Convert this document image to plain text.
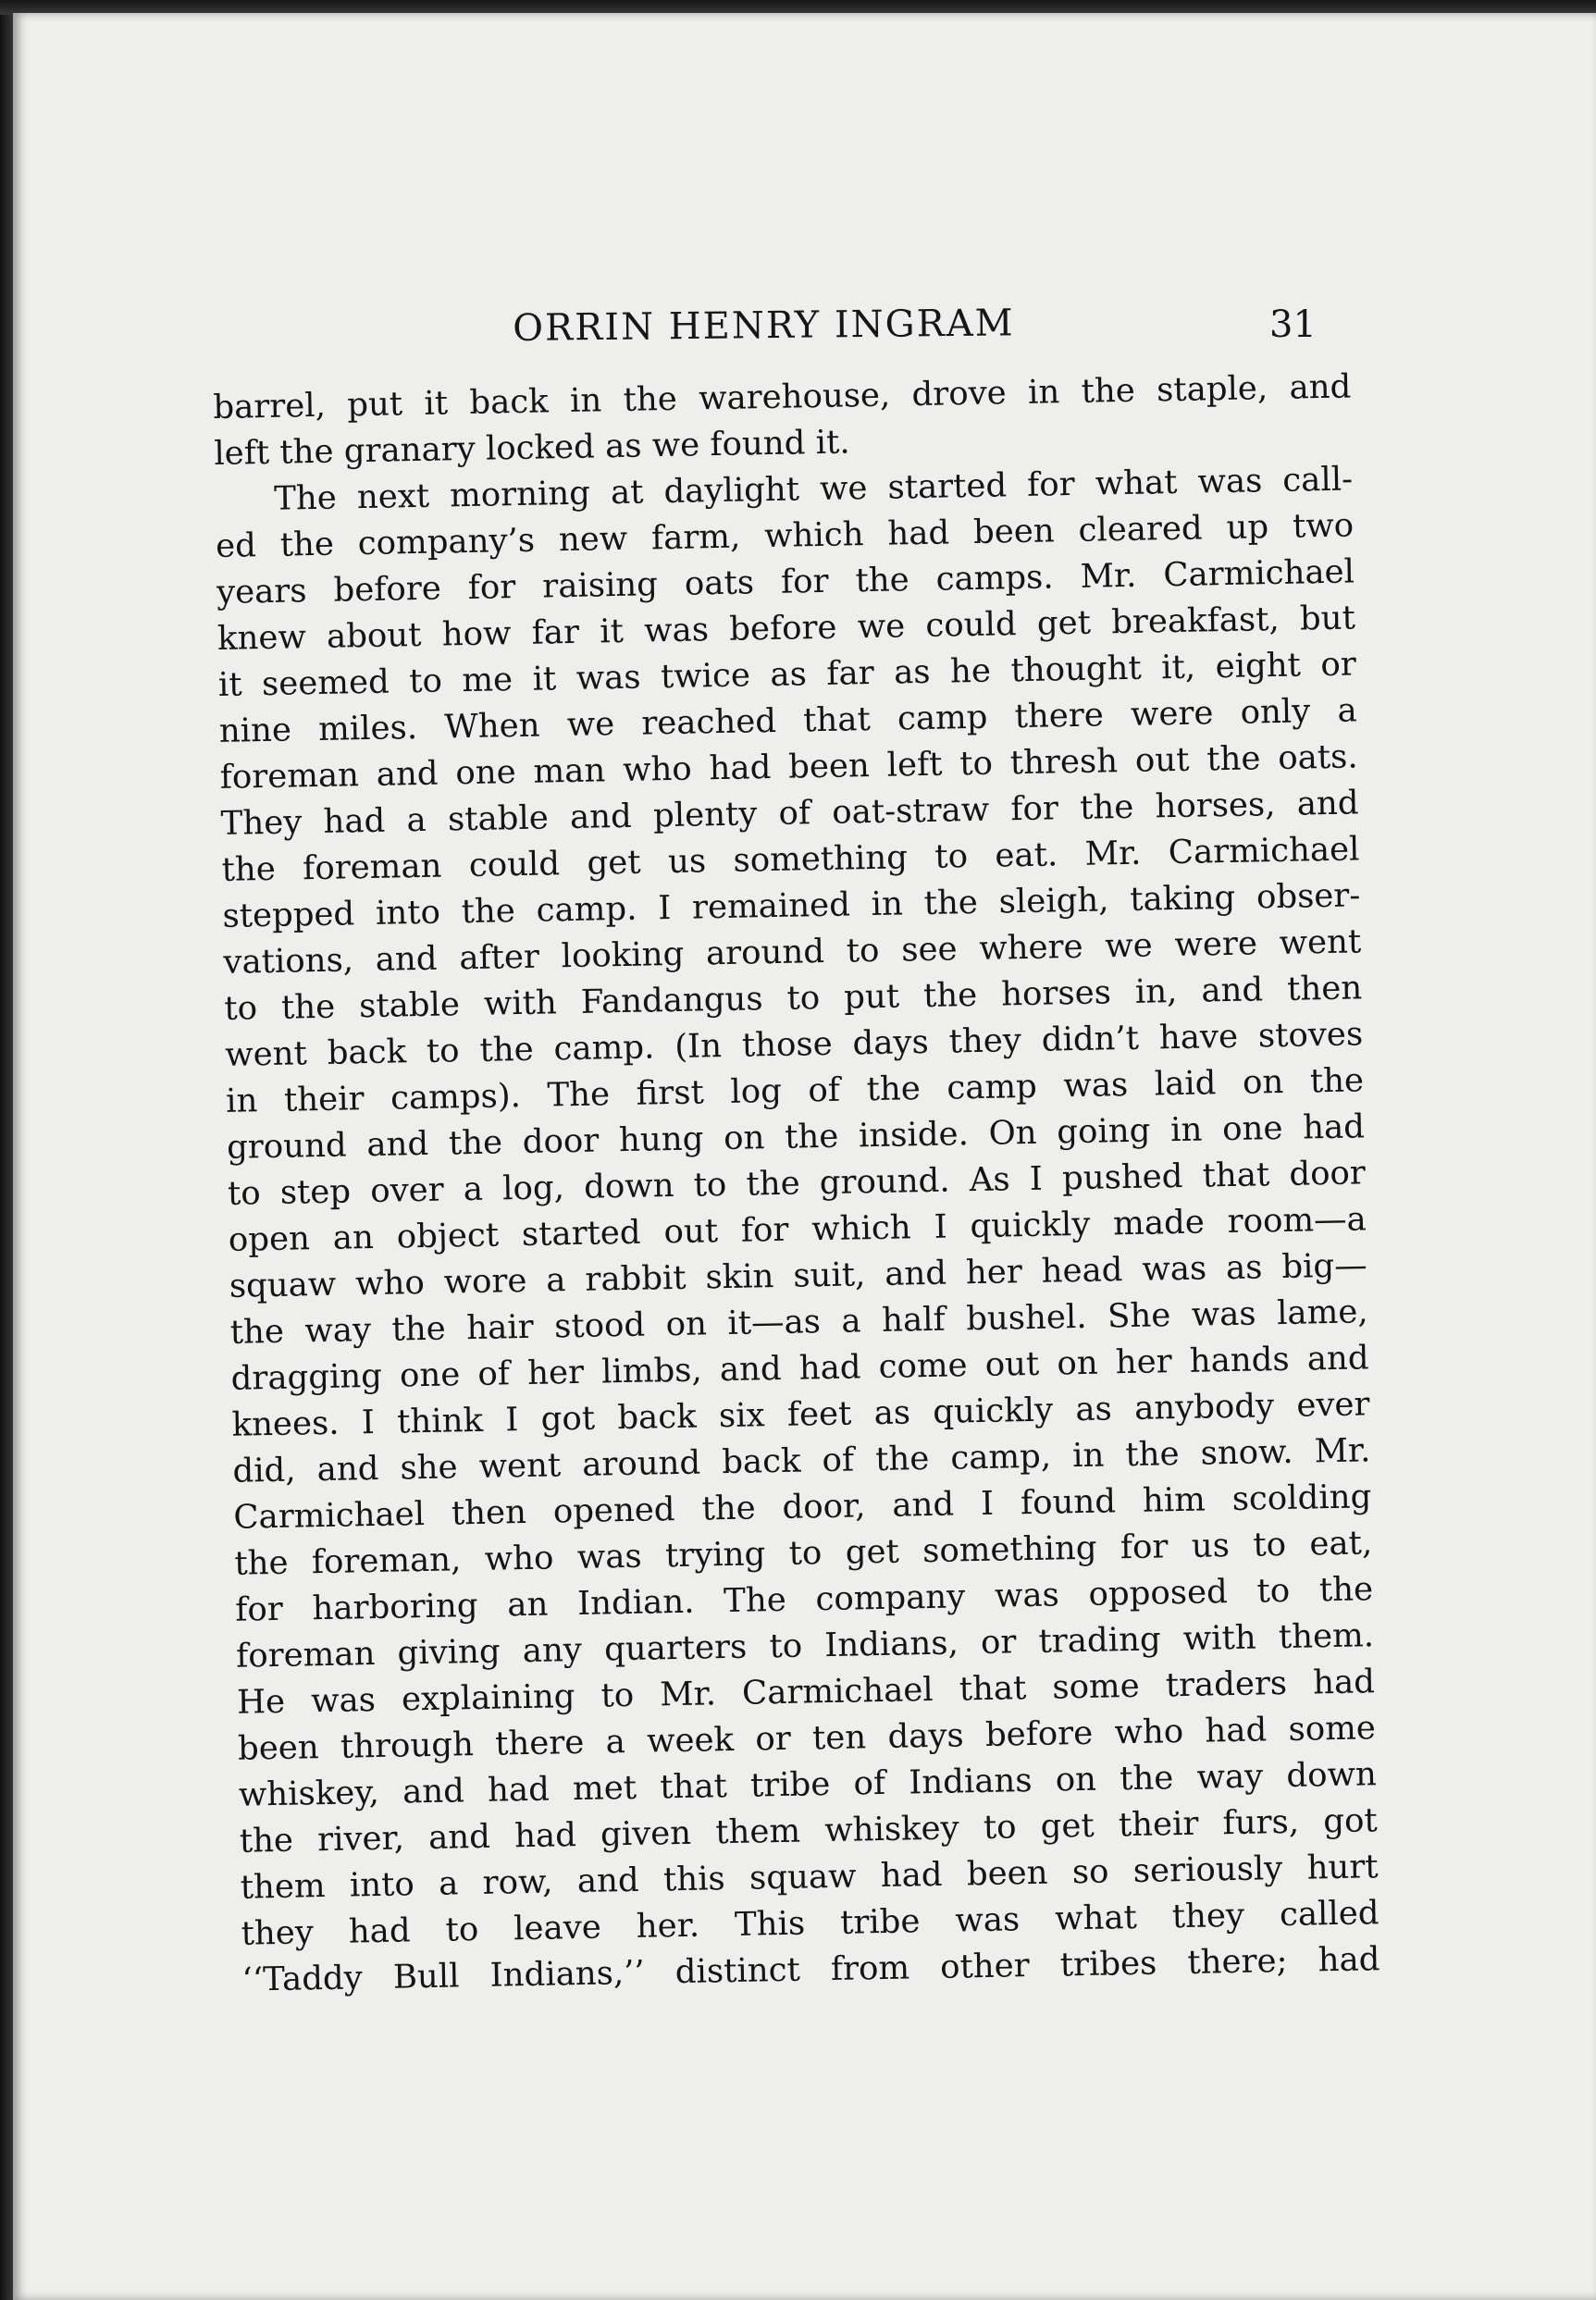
ORRIN HENRY INGRAM	31
barrel, put it back in the warehouse, drove in the staple, and
left the granary locked as we found it.
The next morning at daylight we started for what was call-
ed the company’s new farm, which had been cleared up two
years before for raising oats for the camps. Mr. Carmichael
knew about how far it was before we could get breakfast, but
it seemed to me it was twice as far as he thought it, eight or
nine miles. When we reached that camp there were only a
foreman and one man who had been left to thresh out the oats.
They had a stable and plenty of oat-straw for the horses, and
the foreman could get us something to eat. Mr. Carmichael
stepped into the camp. I remained in the sleigh, taking obser-
vations, and after looking around to see where we were went
to the stable with Fandangus to put the horses in, and then
went back to the camp. (In those days they didn’t have stoves
in their camps). The first log of the camp was laid on the
ground and the door hung on the inside. On going in one had
to step over a log, down to the ground. As I pushed that door
open an object started out for which I quickly made room—a
squaw who wore a rabbit skin suit, and her head was as big—
the way the hair stood on it—as a half bushel. She was lame,
dragging one of her limbs, and had come out on her hands and
knees. I think I got back six feet as quickly as anybody ever
did, and she went around back of the camp, in the snow. Mr.
Carmichael then opened the door, and I found him scolding
the foreman, who was trying to get something for us to eat,
for harboring an Indian. The company was opposed to the
foreman giving any quarters to Indians, or trading with them.
He was explaining to Mr. Carmichael that some traders had
been through there a week or ten days before who had some
whiskey, and had met that tribe of Indians on the way down
the river, and had given them whiskey to get their furs, got
them into a row, and this squaw had been so seriously hurt
they had to leave her. This tribe was what they called
‘‘Taddy Bull Indians,’’ distinct from other tribes there; had
